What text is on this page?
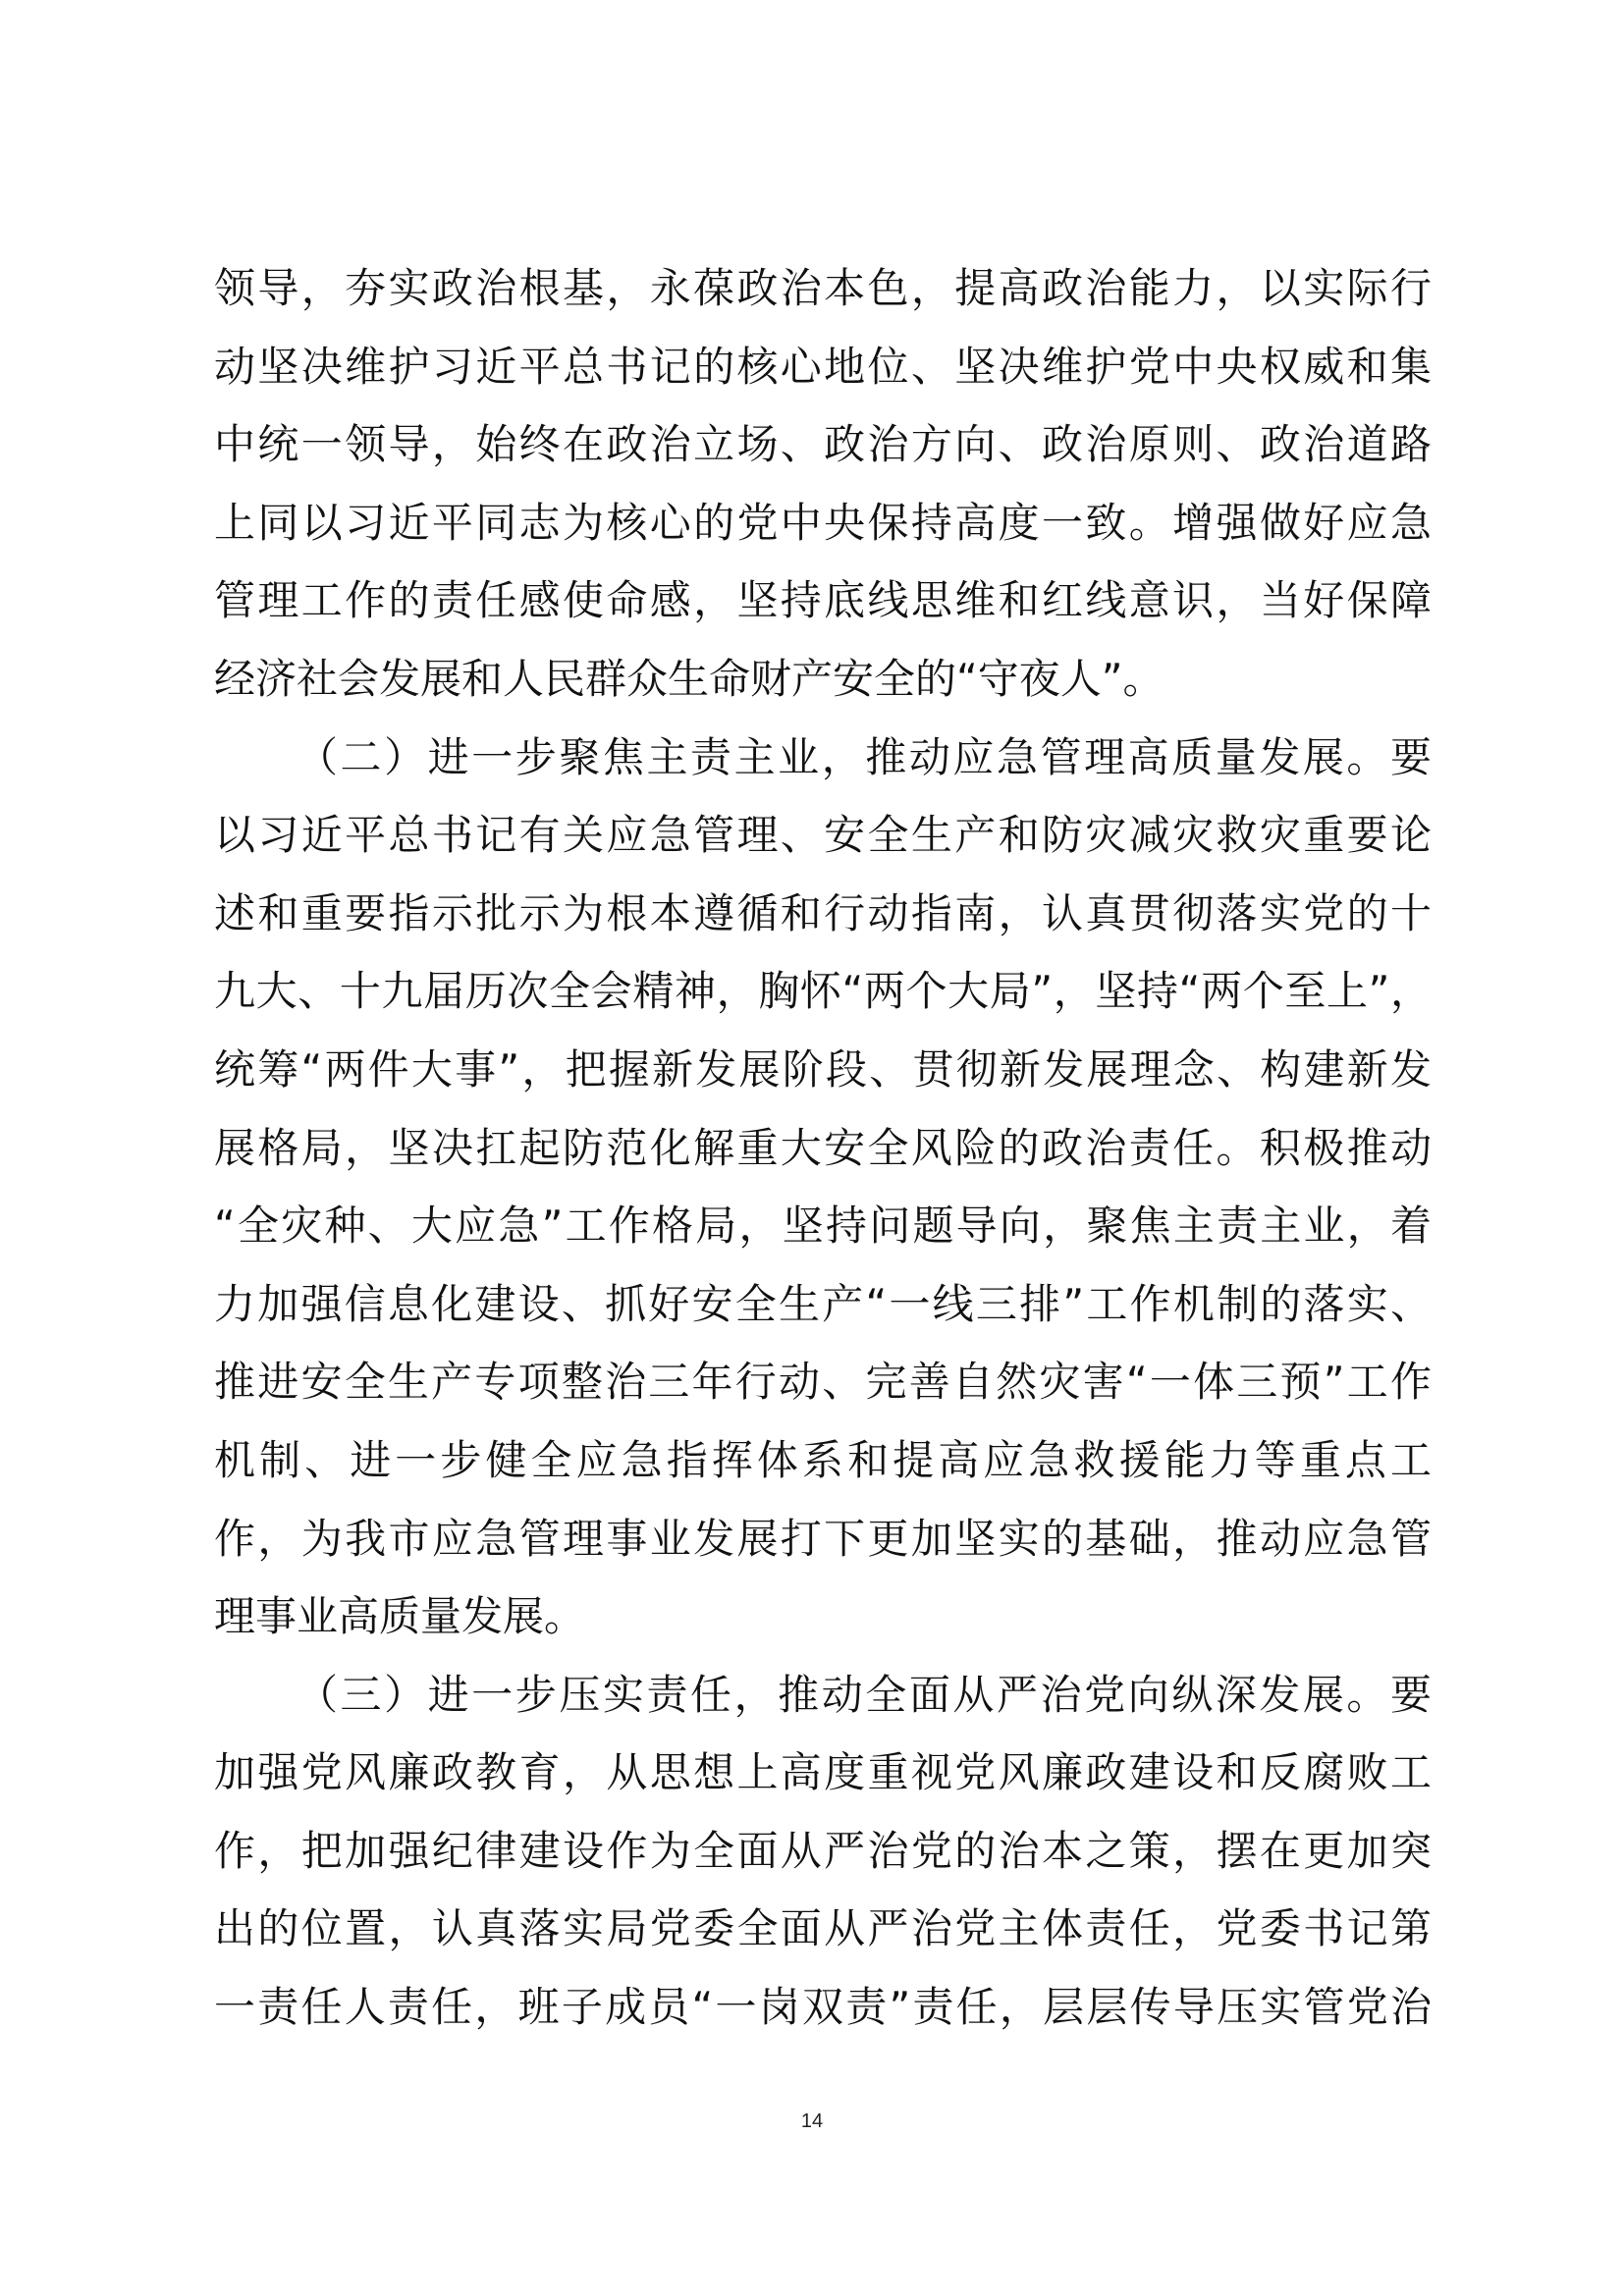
领导，夯实政治根基，永葆政治本色，提高政治能力，以实际行
动坚决维护习近平总书记的核心地位、坚决维护党中央权威和集
中统一领导，始终在政治立场、政治方向、政治原则、政治道路
上同以习近平同志为核心的党中央保持高度一致。增强做好应急
管理工作的责任感使命感，坚持底线思维和红线意识，当好保障
经济社会发展和人民群众生命财产安全的“守夜人”。
（二）进一步聚焦主责主业，推动应急管理高质量发展。要
以习近平总书记有关应急管理、安全生产和防灾减灾救灾重要论
述和重要指示批示为根本遵循和行动指南，认真贯彻落实党的十
九大、十九届历次全会精神，胸怀“两个大局”，坚持“两个至上”，
统筹“两件大事”，把握新发展阶段、贯彻新发展理念、构建新发
展格局，坚决扛起防范化解重大安全风险的政治责任。积极推动
“全灾种、大应急”工作格局，坚持问题导向，聚焦主责主业，着
力加强信息化建设、抓好安全生产“一线三排”工作机制的落实、
推进安全生产专项整治三年行动、完善自然灾害“一体三预”工作
机制、进一步健全应急指挥体系和提高应急救援能力等重点工
作，为我市应急管理事业发展打下更加坚实的基础，推动应急管
理事业高质量发展。
（三）进一步压实责任，推动全面从严治党向纵深发展。要
加强党风廉政教育，从思想上高度重视党风廉政建设和反腐败工
作，把加强纪律建设作为全面从严治党的治本之策，摆在更加突
出的位置，认真落实局党委全面从严治党主体责任，党委书记第
一责任人责任，班子成员“一岗双责”责任，层层传导压实管党治
14
